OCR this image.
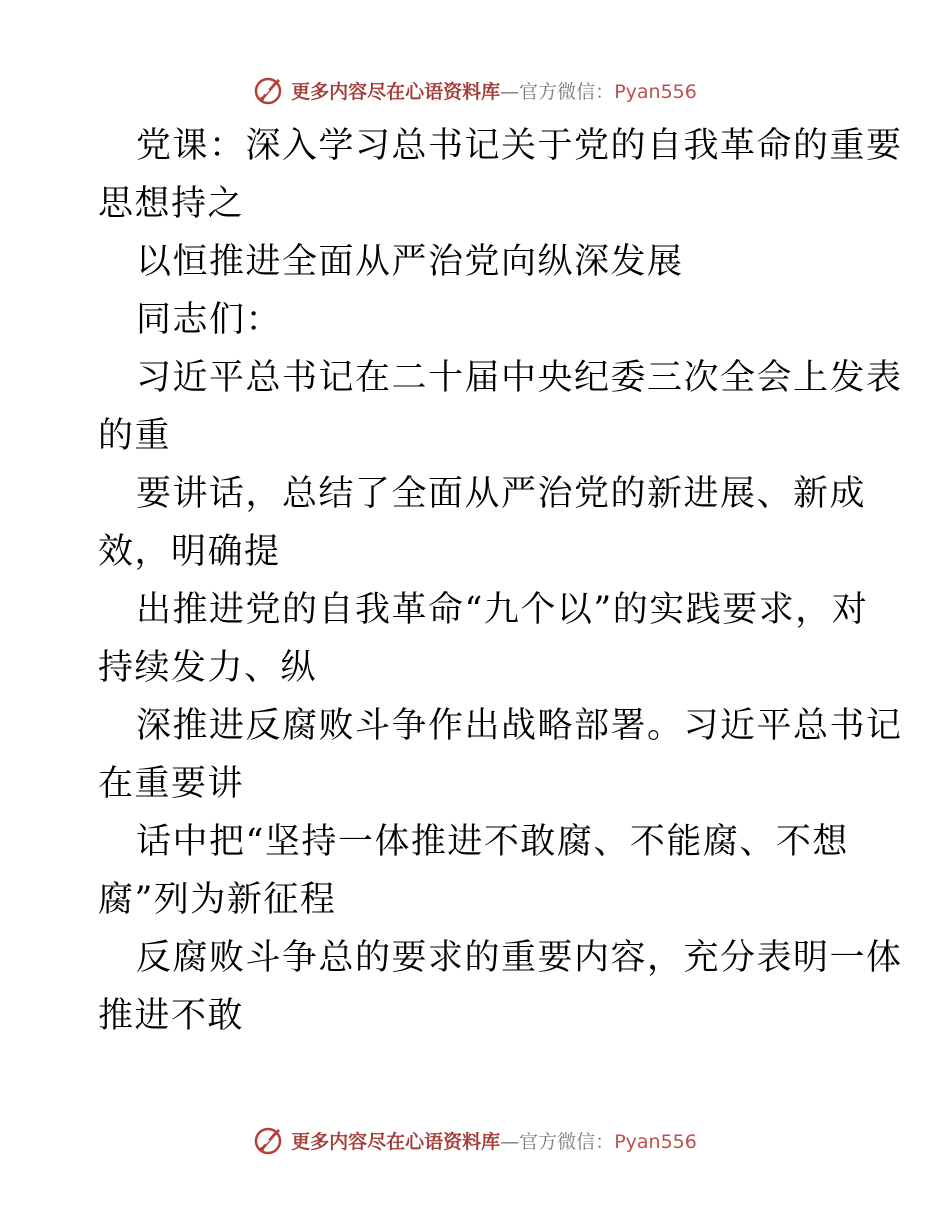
更多内容尽在心语资料库—官方微信：Pyan556
党课：深入学习总书记关于党的自我革命的重要
思想持之
以恒推进全面从严治党向纵深发展
同志们：
习近平总书记在二十届中央纪委三次全会上发表
的重
要讲话，总结了全面从严治党的新进展、新成
效，明确提
出推进党的自我革命“九个以”的实践要求，对
持续发力、纵
深推进反腐败斗争作出战略部署。习近平总书记
在重要讲
话中把“坚持一体推进不敢腐、不能腐、不想
腐”列为新征程
反腐败斗争总的要求的重要内容，充分表明一体
推进不敢
更多内容尽在心语资料库—官方微信：Pyan556
